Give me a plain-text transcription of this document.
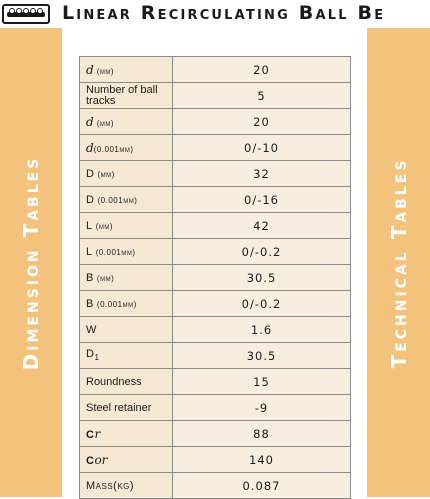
Linear Recirculating Ball Be
Dimension Tables	Technical Tables
d (mm)	20
Number of ball tracks	5
d (mm)	20
d(0.001mm)	0/-10
D (mm)	32
D (0.001mm)	0/-16
L (mm)	42
L (0.001mm)	0/-0.2
B (mm)	30.5
B (0.001mm)	0/-0.2
W	1.6
$D_1$	30.5
Roundness	15
Steel retainer	-9
Cr	88
Cor	140
Mass(kg)	0.087
